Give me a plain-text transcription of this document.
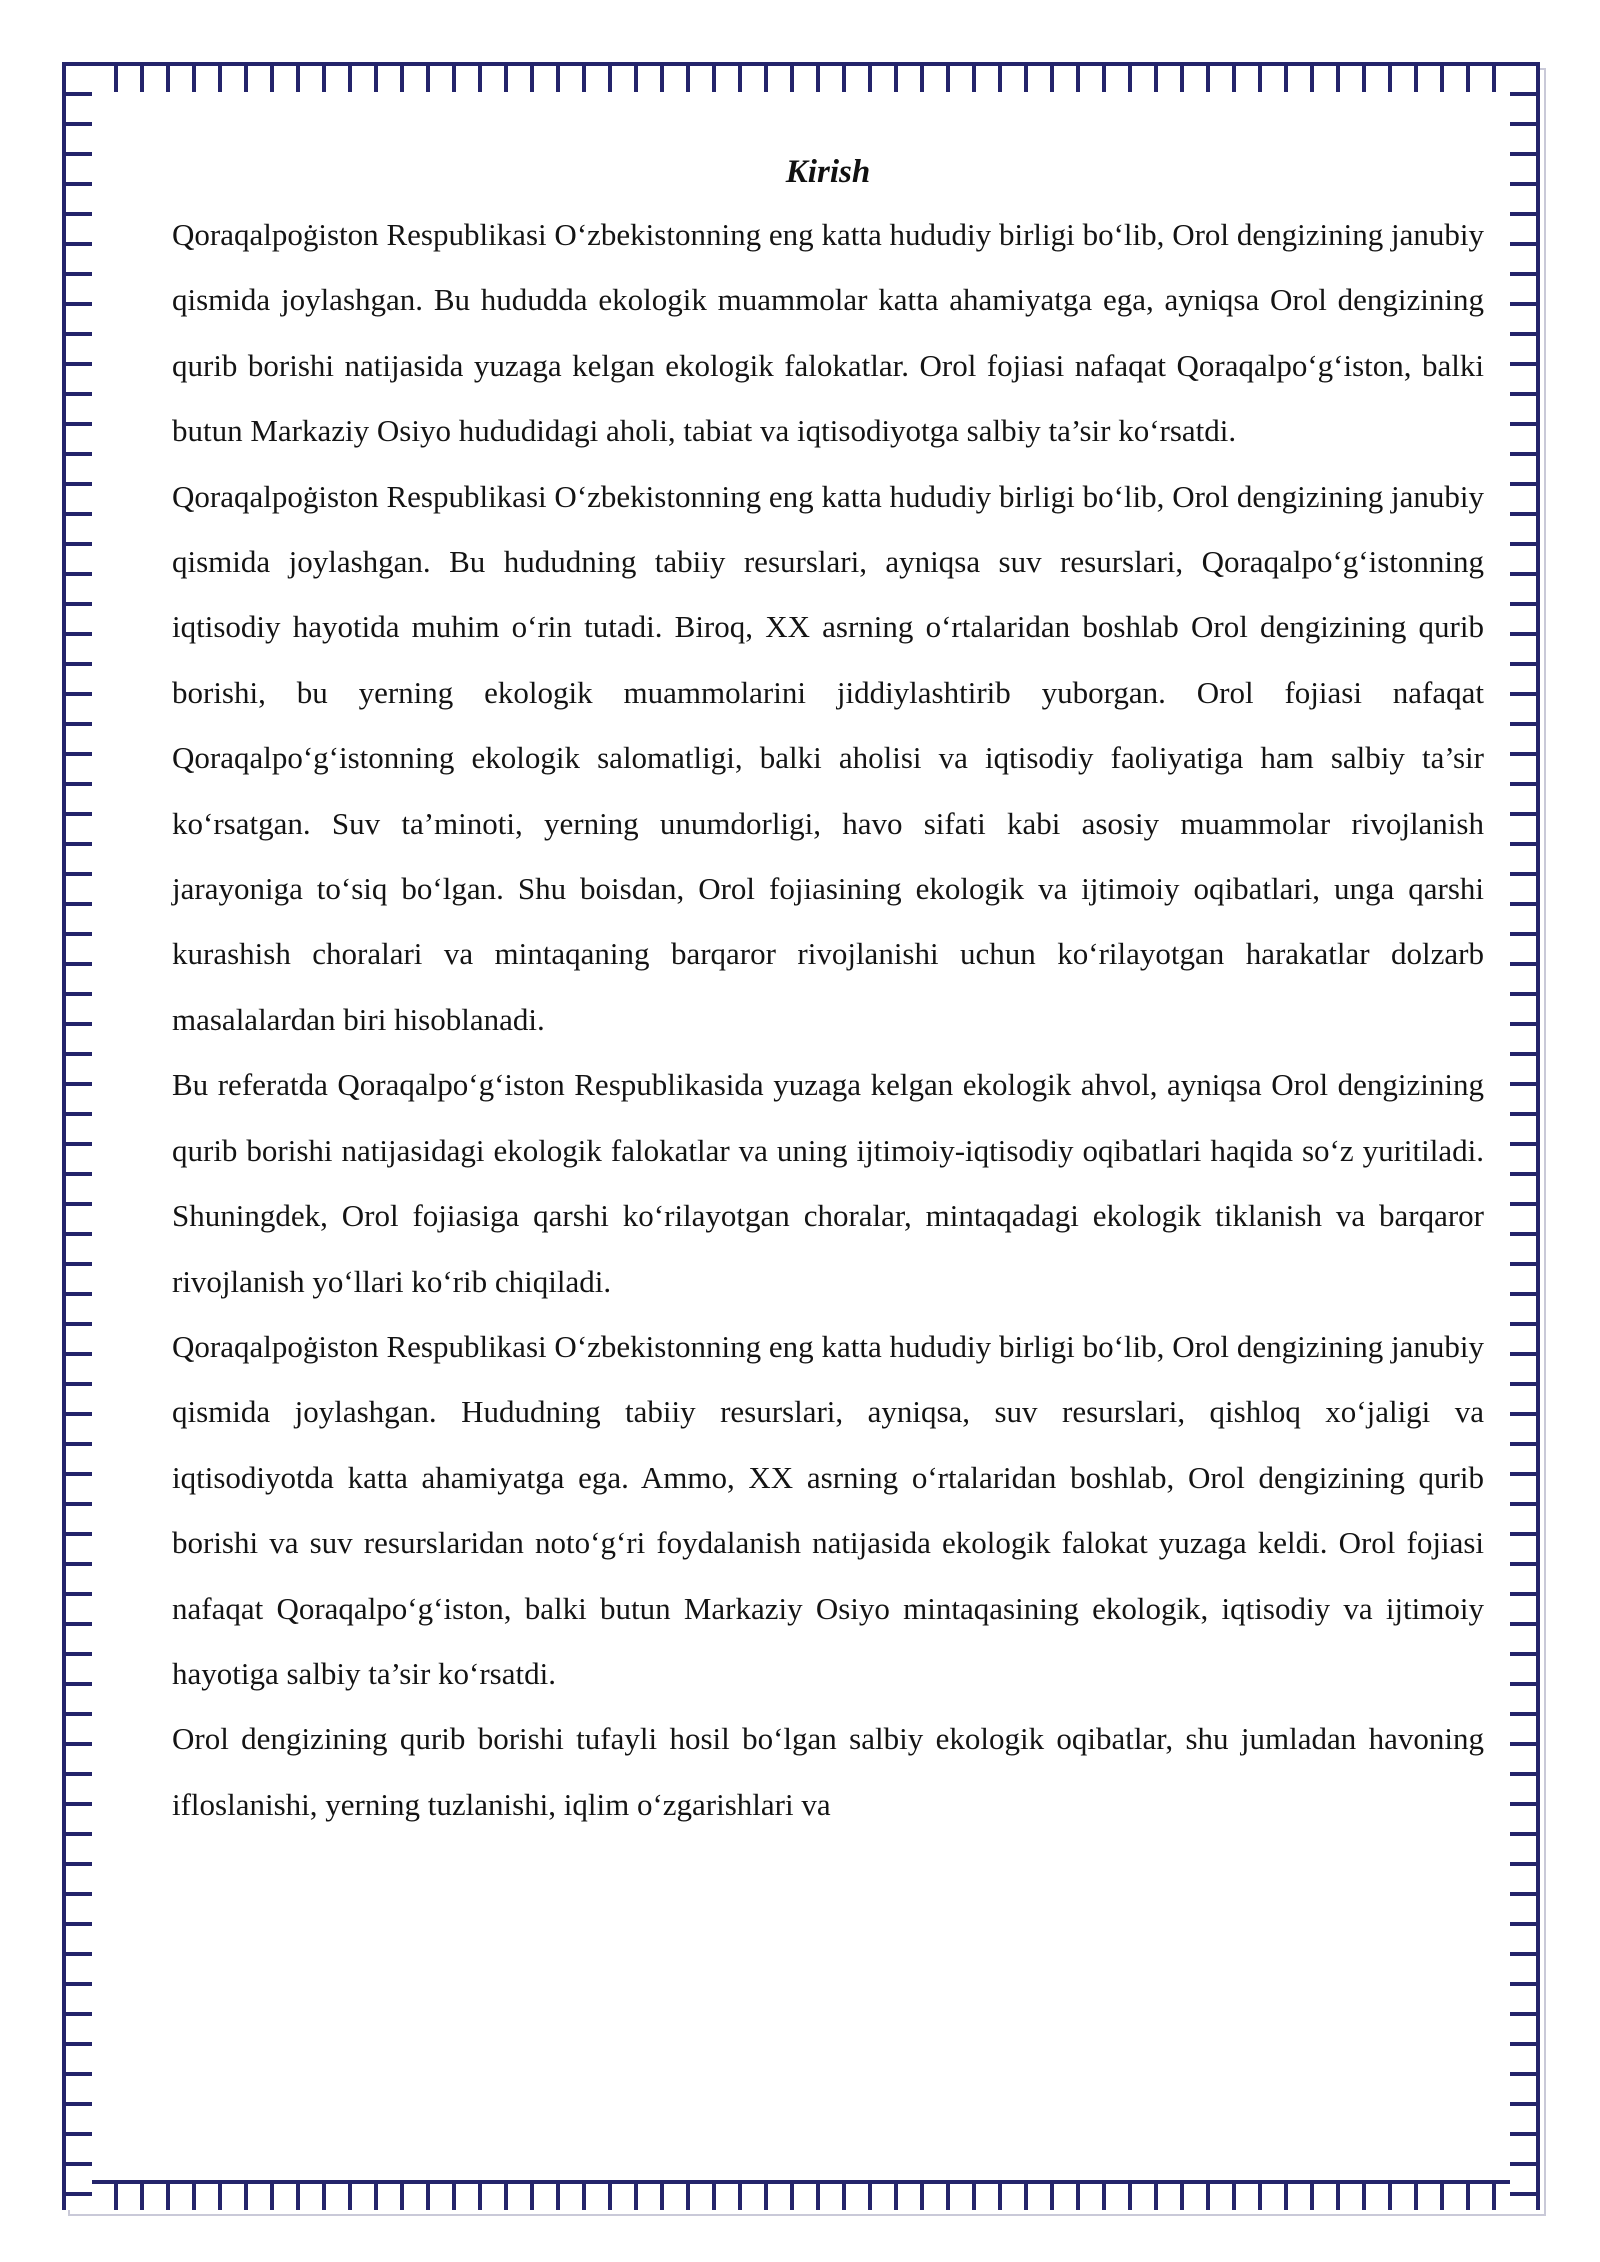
Kirish

Qoraqalpoġiston Respublikasi O‘zbekistonning eng katta hududiy birligi bo‘lib, Orol dengizining janubiy qismida joylashgan. Bu hududda ekologik muammolar katta ahamiyatga ega, ayniqsa Orol dengizining qurib borishi natijasida yuzaga kelgan ekologik falokatlar. Orol fojiasi nafaqat Qoraqalpo‘g‘iston, balki butun Markaziy Osiyo hududidagi aholi, tabiat va iqtisodiyotga salbiy ta’sir ko‘rsatdi.

Qoraqalpoġiston Respublikasi O‘zbekistonning eng katta hududiy birligi bo‘lib, Orol dengizining janubiy qismida joylashgan. Bu hududning tabiiy resurslari, ayniqsa suv resurslari, Qoraqalpo‘g‘istonning iqtisodiy hayotida muhim o‘rin tutadi. Biroq, XX asrning o‘rtalaridan boshlab Orol dengizining qurib borishi, bu yerning ekologik muammolarini jiddiylashtirib yuborgan. Orol fojiasi nafaqat Qoraqalpo‘g‘istonning ekologik salomatligi, balki aholisi va iqtisodiy faoliyatiga ham salbiy ta’sir ko‘rsatgan. Suv ta’minoti, yerning unumdorligi, havo sifati kabi asosiy muammolar rivojlanish jarayoniga to‘siq bo‘lgan. Shu boisdan, Orol fojiasining ekologik va ijtimoiy oqibatlari, unga qarshi kurashish choralari va mintaqaning barqaror rivojlanishi uchun ko‘rilayotgan harakatlar dolzarb masalalardan biri hisoblanadi.

Bu referatda Qoraqalpo‘g‘iston Respublikasida yuzaga kelgan ekologik ahvol, ayniqsa Orol dengizining qurib borishi natijasidagi ekologik falokatlar va uning ijtimoiy-iqtisodiy oqibatlari haqida so‘z yuritiladi. Shuningdek, Orol fojiasiga qarshi ko‘rilayotgan choralar, mintaqadagi ekologik tiklanish va barqaror rivojlanish yo‘llari ko‘rib chiqiladi.

Qoraqalpoġiston Respublikasi O‘zbekistonning eng katta hududiy birligi bo‘lib, Orol dengizining janubiy qismida joylashgan. Hududning tabiiy resurslari, ayniqsa, suv resurslari, qishloq xo‘jaligi va iqtisodiyotda katta ahamiyatga ega. Ammo, XX asrning o‘rtalaridan boshlab, Orol dengizining qurib borishi va suv resurslaridan noto‘g‘ri foydalanish natijasida ekologik falokat yuzaga keldi. Orol fojiasi nafaqat Qoraqalpo‘g‘iston, balki butun Markaziy Osiyo mintaqasining ekologik, iqtisodiy va ijtimoiy hayotiga salbiy ta’sir ko‘rsatdi.

Orol dengizining qurib borishi tufayli hosil bo‘lgan salbiy ekologik oqibatlar, shu jumladan havoning ifloslanishi, yerning tuzlanishi, iqlim o‘zgarishlari va
